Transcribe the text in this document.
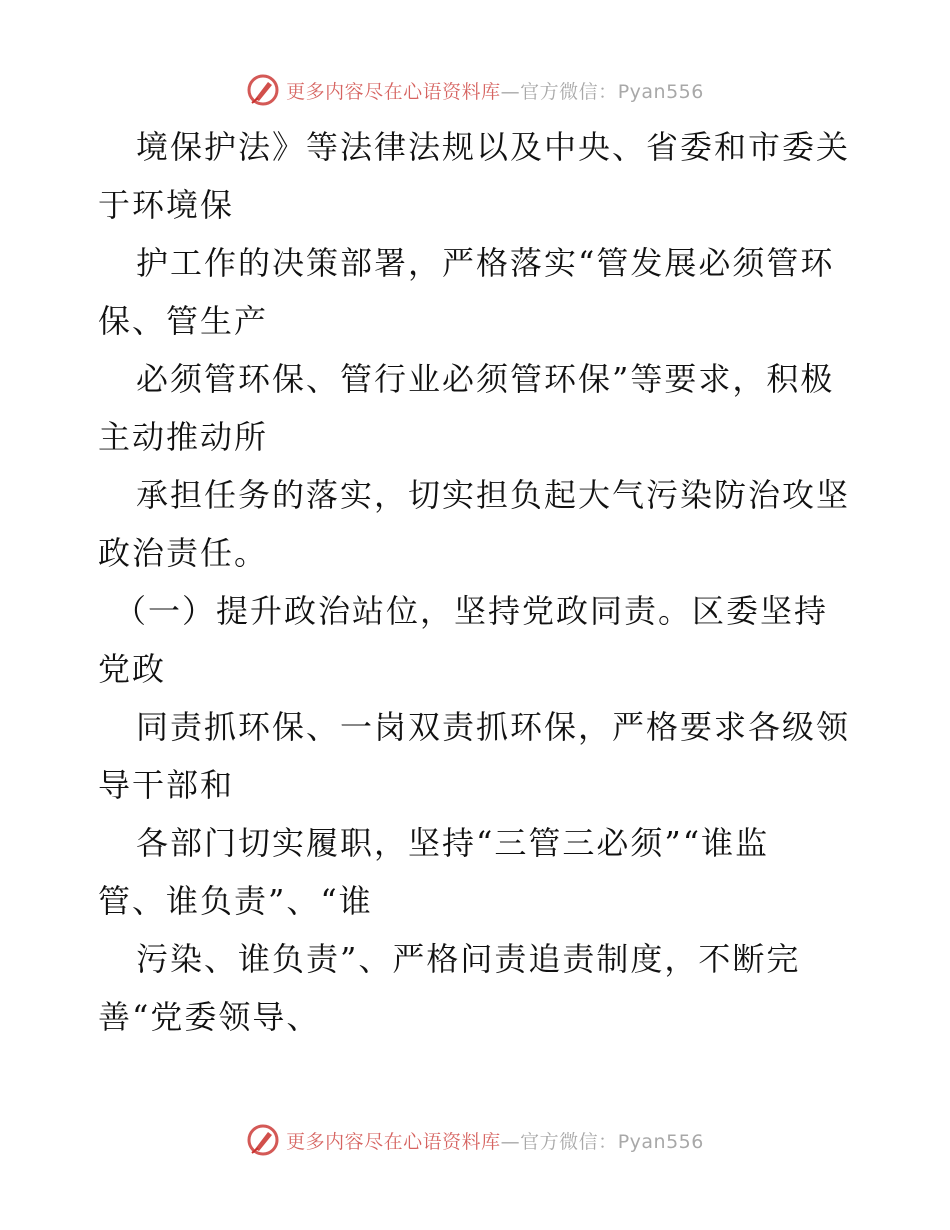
更多内容尽在心语资料库—官方微信：Pyan556
境保护法》等法律法规以及中央、省委和市委关
于环境保
护工作的决策部署，严格落实“管发展必须管环
保、管生产
必须管环保、管行业必须管环保”等要求，积极
主动推动所
承担任务的落实，切实担负起大气污染防治攻坚
政治责任。
（一）提升政治站位，坚持党政同责。区委坚持
党政
同责抓环保、一岗双责抓环保，严格要求各级领
导干部和
各部门切实履职，坚持“三管三必须”“谁监
管、谁负责”、“谁
污染、谁负责”、严格问责追责制度，不断完
善“党委领导、
更多内容尽在心语资料库—官方微信：Pyan556
